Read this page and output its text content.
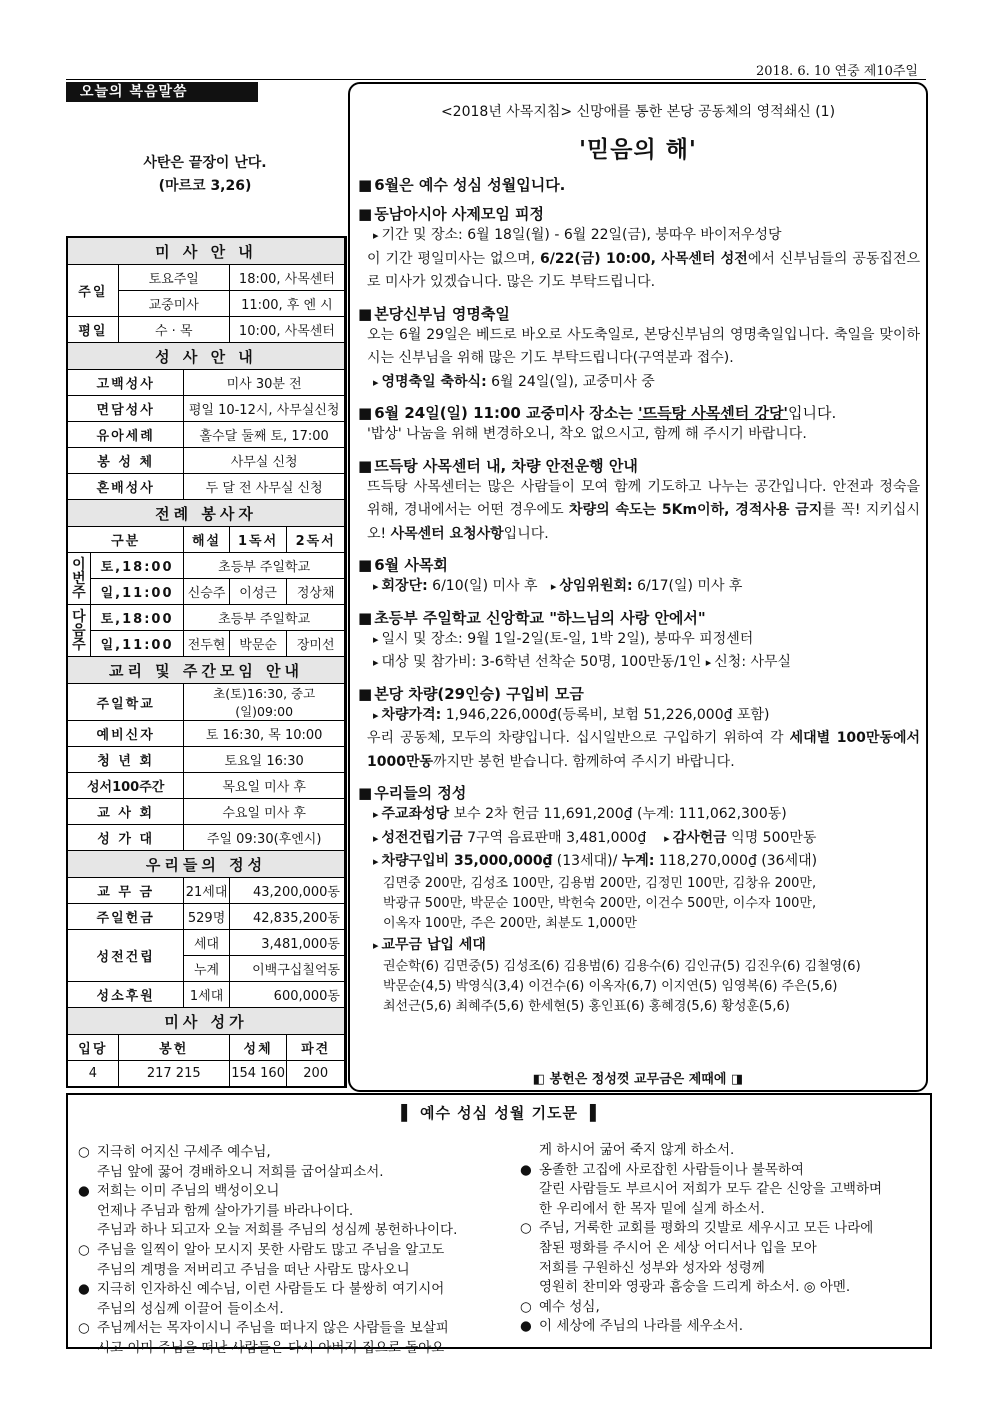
2018. 6. 10 연중 제10주일
오늘의 복음말씀
사탄은 끝장이 난다.
(마르코 3,26)
미 사 안 내					
주일		토요주일		18:00, 사목센터	
		교중미사		11:00, 후 엔 시	
평일		수 · 목		10:00, 사목센터	
성 사 안 내					
고백성사			미사 30분 전		
면담성사			평일 10-12시, 사무실신청		
유아세례			홀수달 둘째 토, 17:00		
봉 성 체			사무실 신청		
혼배성사			두 달 전 사무실 신청		
전례 봉사자					
구분			해설	1독서	2독서
이
번
주	토,18:00		초등부 주일학교		
	일,11:00		신승주	이성근	정상채
다
음
주	토,18:00		초등부 주일학교		
	일,11:00		전두현	박문순	장미선
교리 및 주간모임 안내					
주일학교			초(토)16:30, 중고(일)09:00		
예비신자			토 16:30, 목 10:00		
청 년 회			토요일 16:30		
성서100주간			목요일 미사 후		
교 사 회			수요일 미사 후		
성 가 대			주일 09:30(후엔시)		
우리들의 정성					
교 무 금			21세대	43,200,000동	
주일헌금			529명	42,835,200동	
성전건립			세대	3,481,000동	
			누계	이백구십칠억동	
성소후원			1세대	600,000동	
미사 성가					
입당		봉헌		성체	파견
4		217 215		154 160	200
<2018년 사목지침> 신망애를 통한 본당 공동체의 영적쇄신 (1)
'믿음의 해'
■ 6월은 예수 성심 성월입니다.
■ 동남아시아 사제모임 피정
▸ 기간 및 장소: 6월 18일(월) - 6월 22일(금), 붕따우 바이저우성당
이 기간 평일미사는 없으며, 6/22(금) 10:00, 사목센터 성전에서 신부님들의 공동집전으로 미사가 있겠습니다. 많은 기도 부탁드립니다.
■ 본당신부님 영명축일
오는 6월 29일은 베드로 바오로 사도축일로, 본당신부님의 영명축일입니다. 축일을 맞이하시는 신부님을 위해 많은 기도 부탁드립니다(구역분과 접수).
▸ 영명축일 축하식: 6월 24일(일), 교중미사 중
■ 6월 24일(일) 11:00 교중미사 장소는 '뜨득탕 사목센터 강당'입니다.
'밥상' 나눔을 위해 변경하오니, 착오 없으시고, 함께 해 주시기 바랍니다.
■ 뜨득탕 사목센터 내, 차량 안전운행 안내
뜨득탕 사목센터는 많은 사람들이 모여 함께 기도하고 나누는 공간입니다. 안전과 정숙을 위해, 경내에서는 어떤 경우에도 차량의 속도는 5Km이하, 경적사용 금지를 꼭! 지키십시오! 사목센터 요청사항입니다.
■ 6월 사목회
▸ 회장단: 6/10(일) 미사 후 ▸ 상임위원회: 6/17(일) 미사 후
■ 초등부 주일학교 신앙학교 "하느님의 사랑 안에서"
▸ 일시 및 장소: 9월 1일-2일(토-일, 1박 2일), 붕따우 피정센터
▸ 대상 및 참가비: 3-6학년 선착순 50명, 100만동/1인 ▸ 신청: 사무실
■ 본당 차량(29인승) 구입비 모금
▸ 차량가격: 1,946,226,000₫(등록비, 보험 51,226,000₫ 포함)
우리 공동체, 모두의 차량입니다. 십시일반으로 구입하기 위하여 각 세대별 100만동에서 1000만동까지만 봉헌 받습니다. 함께하여 주시기 바랍니다.
■ 우리들의 정성
▸ 주교좌성당 보수 2차 헌금 11,691,200₫ (누계: 111,062,300동)
▸ 성전건립기금 7구역 음료판매 3,481,000₫ ▸ 감사헌금 익명 500만동
▸ 차량구입비 35,000,000₫ (13세대)/ 누계: 118,270,000₫ (36세대)
김면중 200만, 김성조 100만, 김용범 200만, 김정민 100만, 김창유 200만,
박광규 500만, 박문순 100만, 박헌숙 200만, 이건수 500만, 이수자 100만,
이옥자 100만, 주은 200만, 최분도 1,000만
▸ 교무금 납입 세대
권순학(6) 김면중(5) 김성조(6) 김용범(6) 김용수(6) 김인규(5) 김진우(6) 김철영(6)
박문순(4,5) 박영식(3,4) 이건수(6) 이옥자(6,7) 이지연(5) 임영복(6) 주은(5,6)
최선근(5,6) 최혜주(5,6) 한세현(5) 홍인표(6) 홍혜경(5,6) 황성훈(5,6)
◧ 봉헌은 정성껏 교무금은 제때에 ◨
▌ 예수 성심 성월 기도문 ▐
○ 지극히 어지신 구세주 예수님,
주님 앞에 꿇어 경배하오니 저희를 굽어살피소서.
● 저희는 이미 주님의 백성이오니
언제나 주님과 함께 살아가기를 바라나이다.
주님과 하나 되고자 오늘 저희를 주님의 성심께 봉헌하나이다.
○ 주님을 일찍이 알아 모시지 못한 사람도 많고 주님을 알고도
주님의 계명을 저버리고 주님을 떠난 사람도 많사오니
● 지극히 인자하신 예수님, 이런 사람들도 다 불쌍히 여기시어
주님의 성심께 이끌어 들이소서.
○ 주님께서는 목자이시니 주님을 떠나지 않은 사람들을 보살피
시고 이미 주님을 떠난 사람들은 다시 아버지 집으로 돌아오
게 하시어 굶어 죽지 않게 하소서.
● 옹졸한 고집에 사로잡힌 사람들이나 불목하여
갈린 사람들도 부르시어 저희가 모두 같은 신앙을 고백하며
한 우리에서 한 목자 밑에 실게 하소서.
○ 주님, 거룩한 교회를 평화의 깃발로 세우시고 모든 나라에
참된 평화를 주시어 온 세상 어디서나 입을 모아
저희를 구원하신 성부와 성자와 성령께
영원히 찬미와 영광과 흠숭을 드리게 하소서. ◎ 아멘.
○ 예수 성심,
● 이 세상에 주님의 나라를 세우소서.
